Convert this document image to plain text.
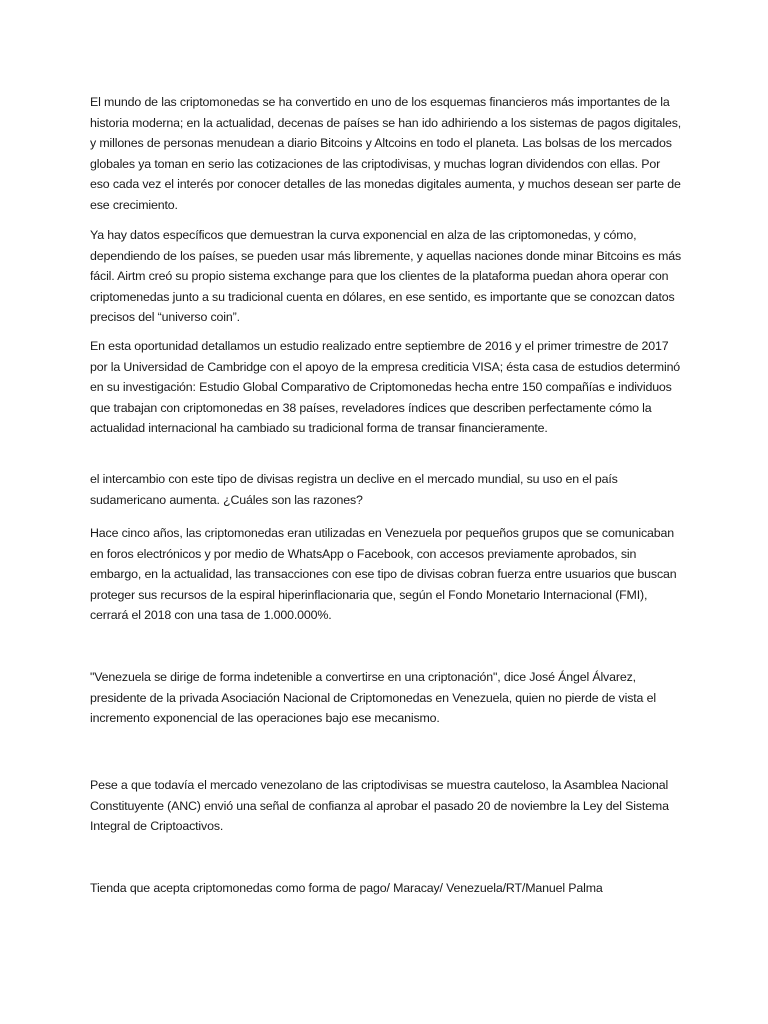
El mundo de las criptomonedas se ha convertido en uno de los esquemas financieros más importantes de la historia moderna; en la actualidad, decenas de países se han ido adhiriendo a los sistemas de pagos digitales, y millones de personas menudean a diario Bitcoins y Altcoins en todo el planeta. Las bolsas de los mercados globales ya toman en serio las cotizaciones de las criptodivisas, y muchas logran dividendos con ellas. Por eso cada vez el interés por conocer detalles de las monedas digitales aumenta, y muchos desean ser parte de ese crecimiento.

Ya hay datos específicos que demuestran la curva exponencial en alza de las criptomonedas, y cómo, dependiendo de los países, se pueden usar más libremente, y aquellas naciones donde minar Bitcoins es más fácil. Airtm creó su propio sistema exchange para que los clientes de la plataforma puedan ahora operar con criptomenedas junto a su tradicional cuenta en dólares, en ese sentido, es importante que se conozcan datos precisos del “universo coin”.

En esta oportunidad detallamos un estudio realizado entre septiembre de 2016 y el primer trimestre de 2017 por la Universidad de Cambridge con el apoyo de la empresa crediticia VISA; ésta casa de estudios determinó en su investigación: Estudio Global Comparativo de Criptomonedas hecha entre 150 compañías e individuos que trabajan con criptomonedas en 38 países, reveladores índices que describen perfectamente cómo la actualidad internacional ha cambiado su tradicional forma de transar financieramente.

el intercambio con este tipo de divisas registra un declive en el mercado mundial, su uso en el país sudamericano aumenta. ¿Cuáles son las razones?

Hace cinco años, las criptomonedas eran utilizadas en Venezuela por pequeños grupos que se comunicaban en foros electrónicos y por medio de WhatsApp o Facebook, con accesos previamente aprobados, sin embargo, en la actualidad, las transacciones con ese tipo de divisas cobran fuerza entre usuarios que buscan proteger sus recursos de la espiral hiperinflacionaria que, según el Fondo Monetario Internacional (FMI), cerrará el 2018 con una tasa de 1.000.000%.

"Venezuela se dirige de forma indetenible a convertirse en una criptonación", dice José Ángel Álvarez, presidente de la privada Asociación Nacional de Criptomonedas en Venezuela, quien no pierde de vista el incremento exponencial de las operaciones bajo ese mecanismo.

Pese a que todavía el mercado venezolano de las criptodivisas se muestra cauteloso, la Asamblea Nacional Constituyente (ANC) envió una señal de confianza al aprobar el pasado 20 de noviembre la Ley del Sistema Integral de Criptoactivos.

Tienda que acepta criptomonedas como forma de pago/ Maracay/ Venezuela/RT/Manuel Palma
